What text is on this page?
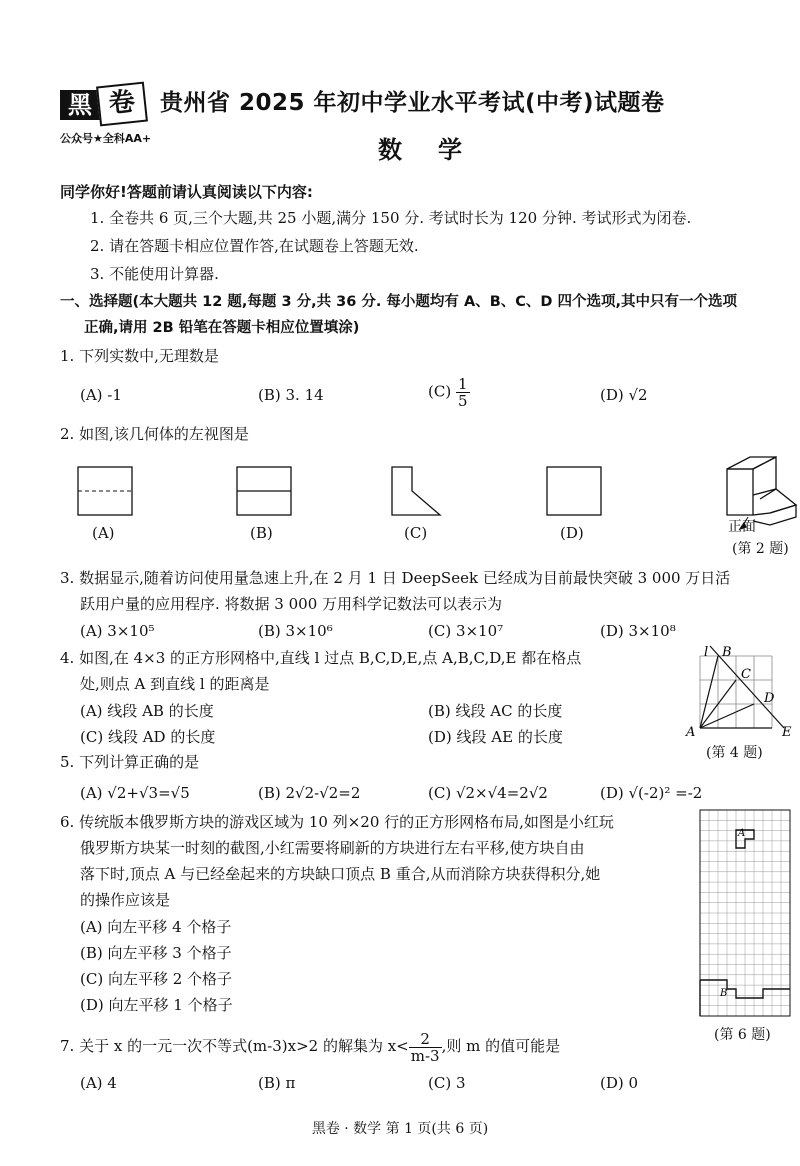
黑 卷
公众号★全科AA+
贵州省 2025 年初中学业水平考试(中考)试题卷
数学
同学你好!答题前请认真阅读以下内容:
1. 全卷共 6 页,三个大题,共 25 小题,满分 150 分. 考试时长为 120 分钟. 考试形式为闭卷.
2. 请在答题卡相应位置作答,在试题卷上答题无效.
3. 不能使用计算器.
一、选择题(本大题共 12 题,每题 3 分,共 36 分. 每小题均有 A、B、C、D 四个选项,其中只有一个选项
正确,请用 2B 铅笔在答题卡相应位置填涂)
1. 下列实数中,无理数是
(A) -1	(B) 3. 14	$(C) \frac{1}{5}$	(D) √2
2. 如图,该几何体的左视图是
(A)	(B)	(C)	(D)	正面
(第 2 题)
3. 数据显示,随着访问使用量急速上升,在 2 月 1 日 DeepSeek 已经成为目前最快突破 3 000 万日活
跃用户量的应用程序. 将数据 3 000 万用科学记数法可以表示为
(A) 3×10⁵	(B) 3×10⁶	(C) 3×10⁷	(D) 3×10⁸
4. 如图,在 4×3 的正方形网格中,直线 l 过点 B,C,D,E,点 A,B,C,D,E 都在格点
处,则点 A 到直线 l 的距离是
(A) 线段 AB 的长度	(B) 线段 AC 的长度
(C) 线段 AD 的长度	(D) 线段 AE 的长度
l B
C
D
A	E
(第 4 题)
5. 下列计算正确的是
(A) √2+√3=√5	(B) 2√2-√2=2	(C) √2×√4=2√2	(D) √(-2)² =-2
6. 传统版本俄罗斯方块的游戏区域为 10 列×20 行的正方形网格布局,如图是小红玩
俄罗斯方块某一时刻的截图,小红需要将刷新的方块进行左右平移,使方块自由
落下时,顶点 A 与已经垒起来的方块缺口顶点 B 重合,从而消除方块获得积分,她
的操作应该是
(A) 向左平移 4 个格子
(B) 向左平移 3 个格子
(C) 向左平移 2 个格子
(D) 向左平移 1 个格子
A
B
(第 6 题)
7. 关于 x 的一元一次不等式(m-3)x>2 的解集为 $x< \frac{2}{m-3}$ ,则 m 的值可能是
(A) 4	(B) π	(C) 3	(D) 0
黑卷 · 数学 第 1 页(共 6 页)
